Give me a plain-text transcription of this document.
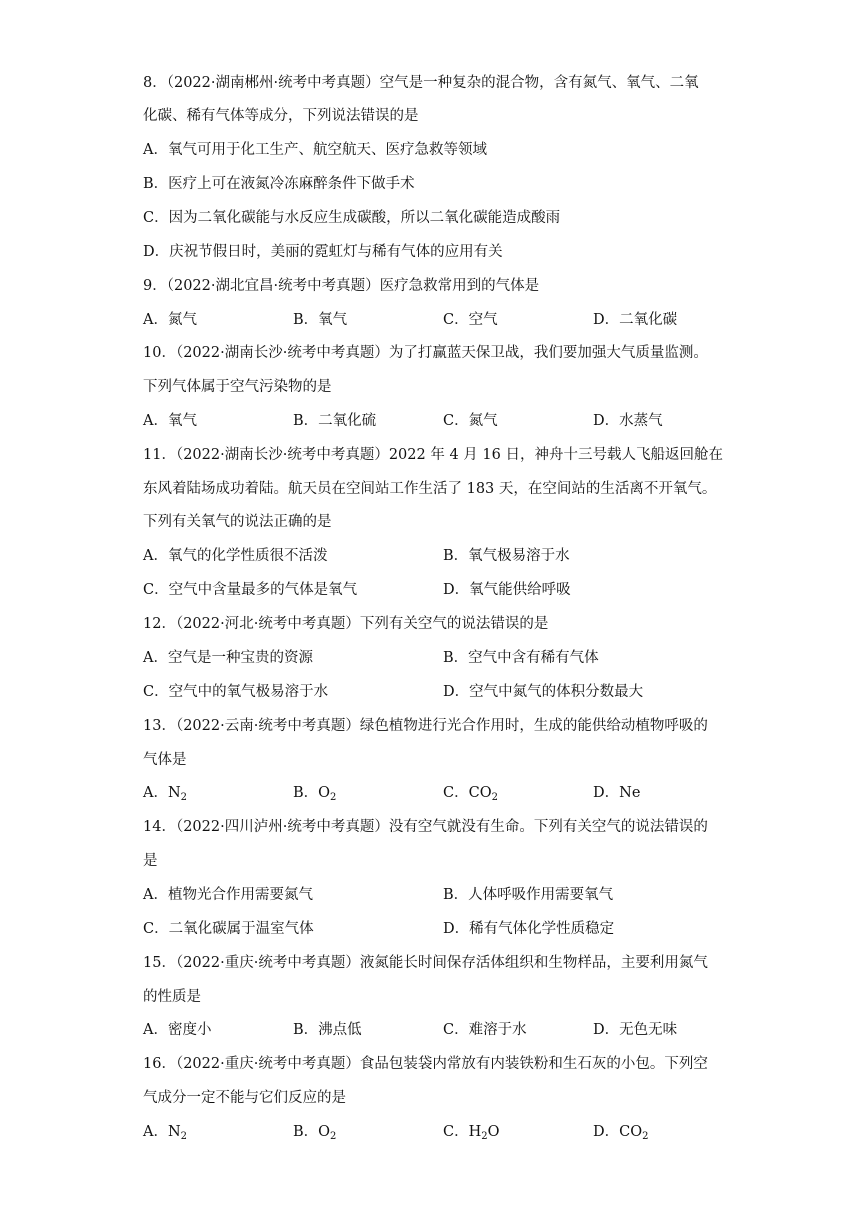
8．（2022·湖南郴州·统考中考真题）空气是一种复杂的混合物，含有氮气、氧气、二氧
化碳、稀有气体等成分，下列说法错误的是
A．氧气可用于化工生产、航空航天、医疗急救等领域
B．医疗上可在液氮冷冻麻醉条件下做手术
C．因为二氧化碳能与水反应生成碳酸，所以二氧化碳能造成酸雨
D．庆祝节假日时，美丽的霓虹灯与稀有气体的应用有关
9．（2022·湖北宜昌·统考中考真题）医疗急救常用到的气体是
A．氮气	B．氧气	C．空气	D．二氧化碳
10．（2022·湖南长沙·统考中考真题）为了打赢蓝天保卫战，我们要加强大气质量监测。
下列气体属于空气污染物的是
A．氧气	B．二氧化硫	C．氮气	D．水蒸气
11．（2022·湖南长沙·统考中考真题）2022 年 4 月 16 日，神舟十三号载人飞船返回舱在
东风着陆场成功着陆。航天员在空间站工作生活了 183 天，在空间站的生活离不开氧气。
下列有关氧气的说法正确的是
A．氧气的化学性质很不活泼	B．氧气极易溶于水
C．空气中含量最多的气体是氧气	D．氧气能供给呼吸
12．（2022·河北·统考中考真题）下列有关空气的说法错误的是
A．空气是一种宝贵的资源	B．空气中含有稀有气体
C．空气中的氧气极易溶于水	D．空气中氮气的体积分数最大
13．（2022·云南·统考中考真题）绿色植物进行光合作用时，生成的能供给动植物呼吸的
气体是
A．$N_2$	B．$O_2$	C．$CO_2$	D．Ne
14．（2022·四川泸州·统考中考真题）没有空气就没有生命。下列有关空气的说法错误的
是
A．植物光合作用需要氮气	B．人体呼吸作用需要氧气
C．二氧化碳属于温室气体	D．稀有气体化学性质稳定
15．（2022·重庆·统考中考真题）液氮能长时间保存活体组织和生物样品，主要利用氮气
的性质是
A．密度小	B．沸点低	C．难溶于水	D．无色无味
16．（2022·重庆·统考中考真题）食品包装袋内常放有内装铁粉和生石灰的小包。下列空
气成分一定不能与它们反应的是
A．$N_2$	B．$O_2$	C．$H_2O$	D．$CO_2$
